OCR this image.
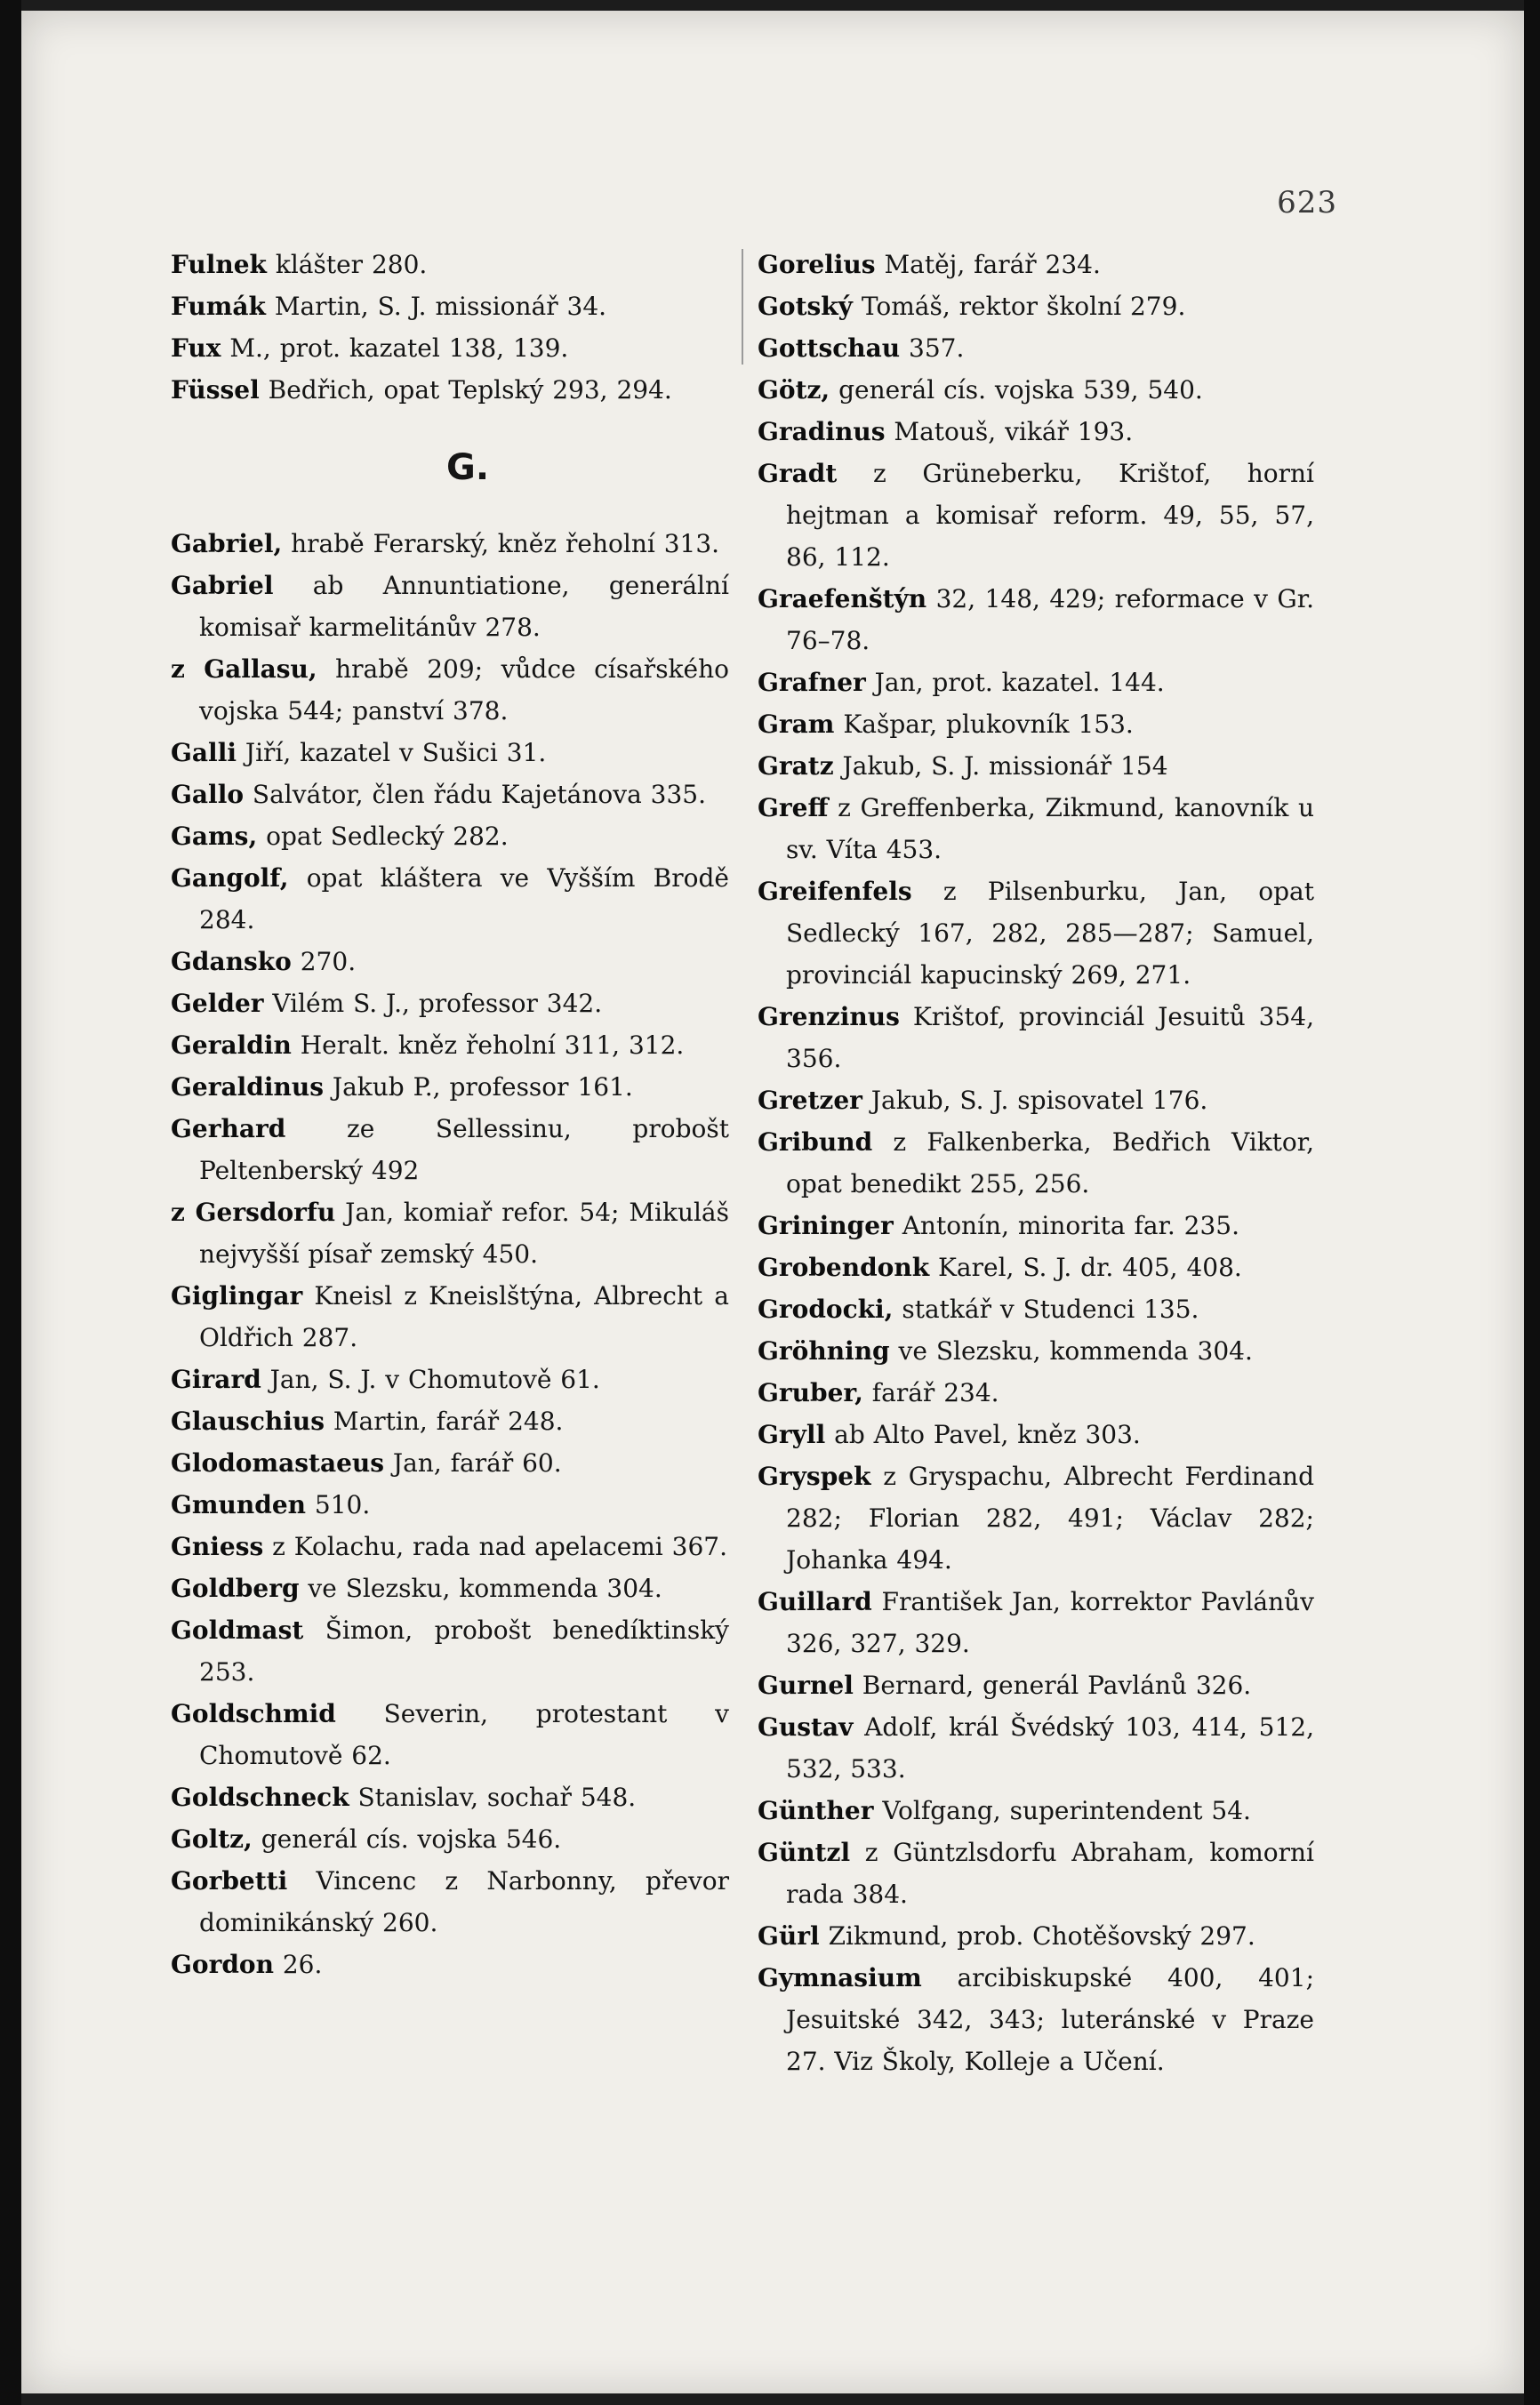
623
Fulnek klášter 280.
Fumák Martin, S. J. missionář 34.
Fux M., prot. kazatel 138, 139.
Füssel Bedřich, opat Teplský 293, 294.
G.
Gabriel, hrabě Ferarský, kněz řeholní 313.
Gabriel ab Annuntiatione, generální komisař karmelitánův 278.
z Gallasu, hrabě 209; vůdce císařského vojska 544; panství 378.
Galli Jiří, kazatel v Sušici 31.
Gallo Salvátor, člen řádu Kajetánova 335.
Gams, opat Sedlecký 282.
Gangolf, opat kláštera ve Vyšším Brodě 284.
Gdansko 270.
Gelder Vilém S. J., professor 342.
Geraldin Heralt. kněz řeholní 311, 312.
Geraldinus Jakub P., professor 161.
Gerhard ze Sellessinu, probošt Peltenberský 492
z Gersdorfu Jan, komiař refor. 54; Mikuláš nejvyšší písař zemský 450.
Giglingar Kneisl z Kneislštýna, Albrecht a Oldřich 287.
Girard Jan, S. J. v Chomutově 61.
Glauschius Martin, farář 248.
Glodomastaeus Jan, farář 60.
Gmunden 510.
Gniess z Kolachu, rada nad apelacemi 367.
Goldberg ve Slezsku, kommenda 304.
Goldmast Šimon, probošt benedíktinský 253.
Goldschmid Severin, protestant v Chomutově 62.
Goldschneck Stanislav, sochař 548.
Goltz, generál cís. vojska 546.
Gorbetti Vincenc z Narbonny, převor dominikánský 260.
Gordon 26.
Gorelius Matěj, farář 234.
Gotský Tomáš, rektor školní 279.
Gottschau 357.
Götz, generál cís. vojska 539, 540.
Gradinus Matouš, vikář 193.
Gradt z Grüneberku, Krištof, horní hejtman a komisař reform. 49, 55, 57, 86, 112.
Graefenštýn 32, 148, 429; reformace v Gr. 76–78.
Grafner Jan, prot. kazatel. 144.
Gram Kašpar, plukovník 153.
Gratz Jakub, S. J. missionář 154
Greff z Greffenberka, Zikmund, kanovník u sv. Víta 453.
Greifenfels z Pilsenburku, Jan, opat Sedlecký 167, 282, 285—287; Samuel, provinciál kapucinský 269, 271.
Grenzinus Krištof, provinciál Jesuitů 354, 356.
Gretzer Jakub, S. J. spisovatel 176.
Gribund z Falkenberka, Bedřich Viktor, opat benedikt 255, 256.
Grininger Antonín, minorita far. 235.
Grobendonk Karel, S. J. dr. 405, 408.
Grodocki, statkář v Studenci 135.
Gröhning ve Slezsku, kommenda 304.
Gruber, farář 234.
Gryll ab Alto Pavel, kněz 303.
Gryspek z Gryspachu, Albrecht Ferdinand 282; Florian 282, 491; Václav 282; Johanka 494.
Guillard František Jan, korrektor Pavlánův 326, 327, 329.
Gurnel Bernard, generál Pavlánů 326.
Gustav Adolf, král Švédský 103, 414, 512, 532, 533.
Günther Volfgang, superintendent 54.
Güntzl z Güntzlsdorfu Abraham, komorní rada 384.
Gürl Zikmund, prob. Chotěšovský 297.
Gymnasium arcibiskupské 400, 401; Jesuitské 342, 343; luteránské v Praze 27. Viz Školy, Kolleje a Učení.
